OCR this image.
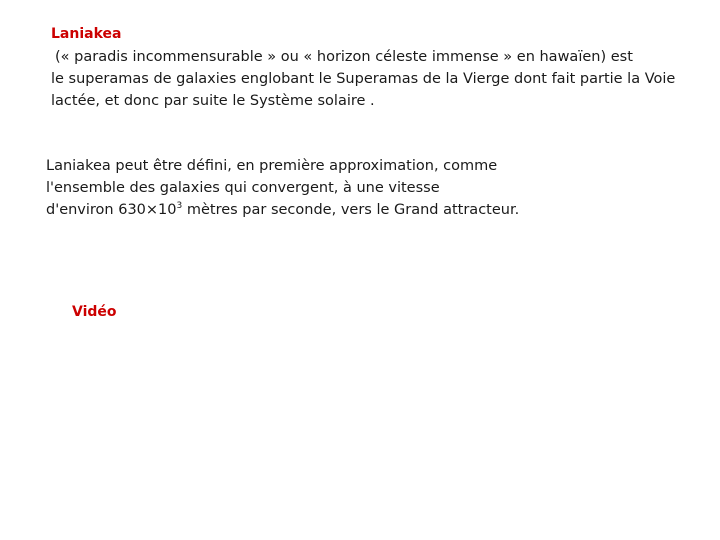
Laniakea
(« paradis incommensurable » ou « horizon céleste immense » en hawaïen) est
le superamas de galaxies englobant le Superamas de la Vierge dont fait partie la Voie
lactée, et donc par suite le Système solaire .
Laniakea peut être défini, en première approximation, comme
l'ensemble des galaxies qui convergent, à une vitesse
d'environ $630\times 10^3$ mètres par seconde, vers le Grand attracteur.
Vidéo
